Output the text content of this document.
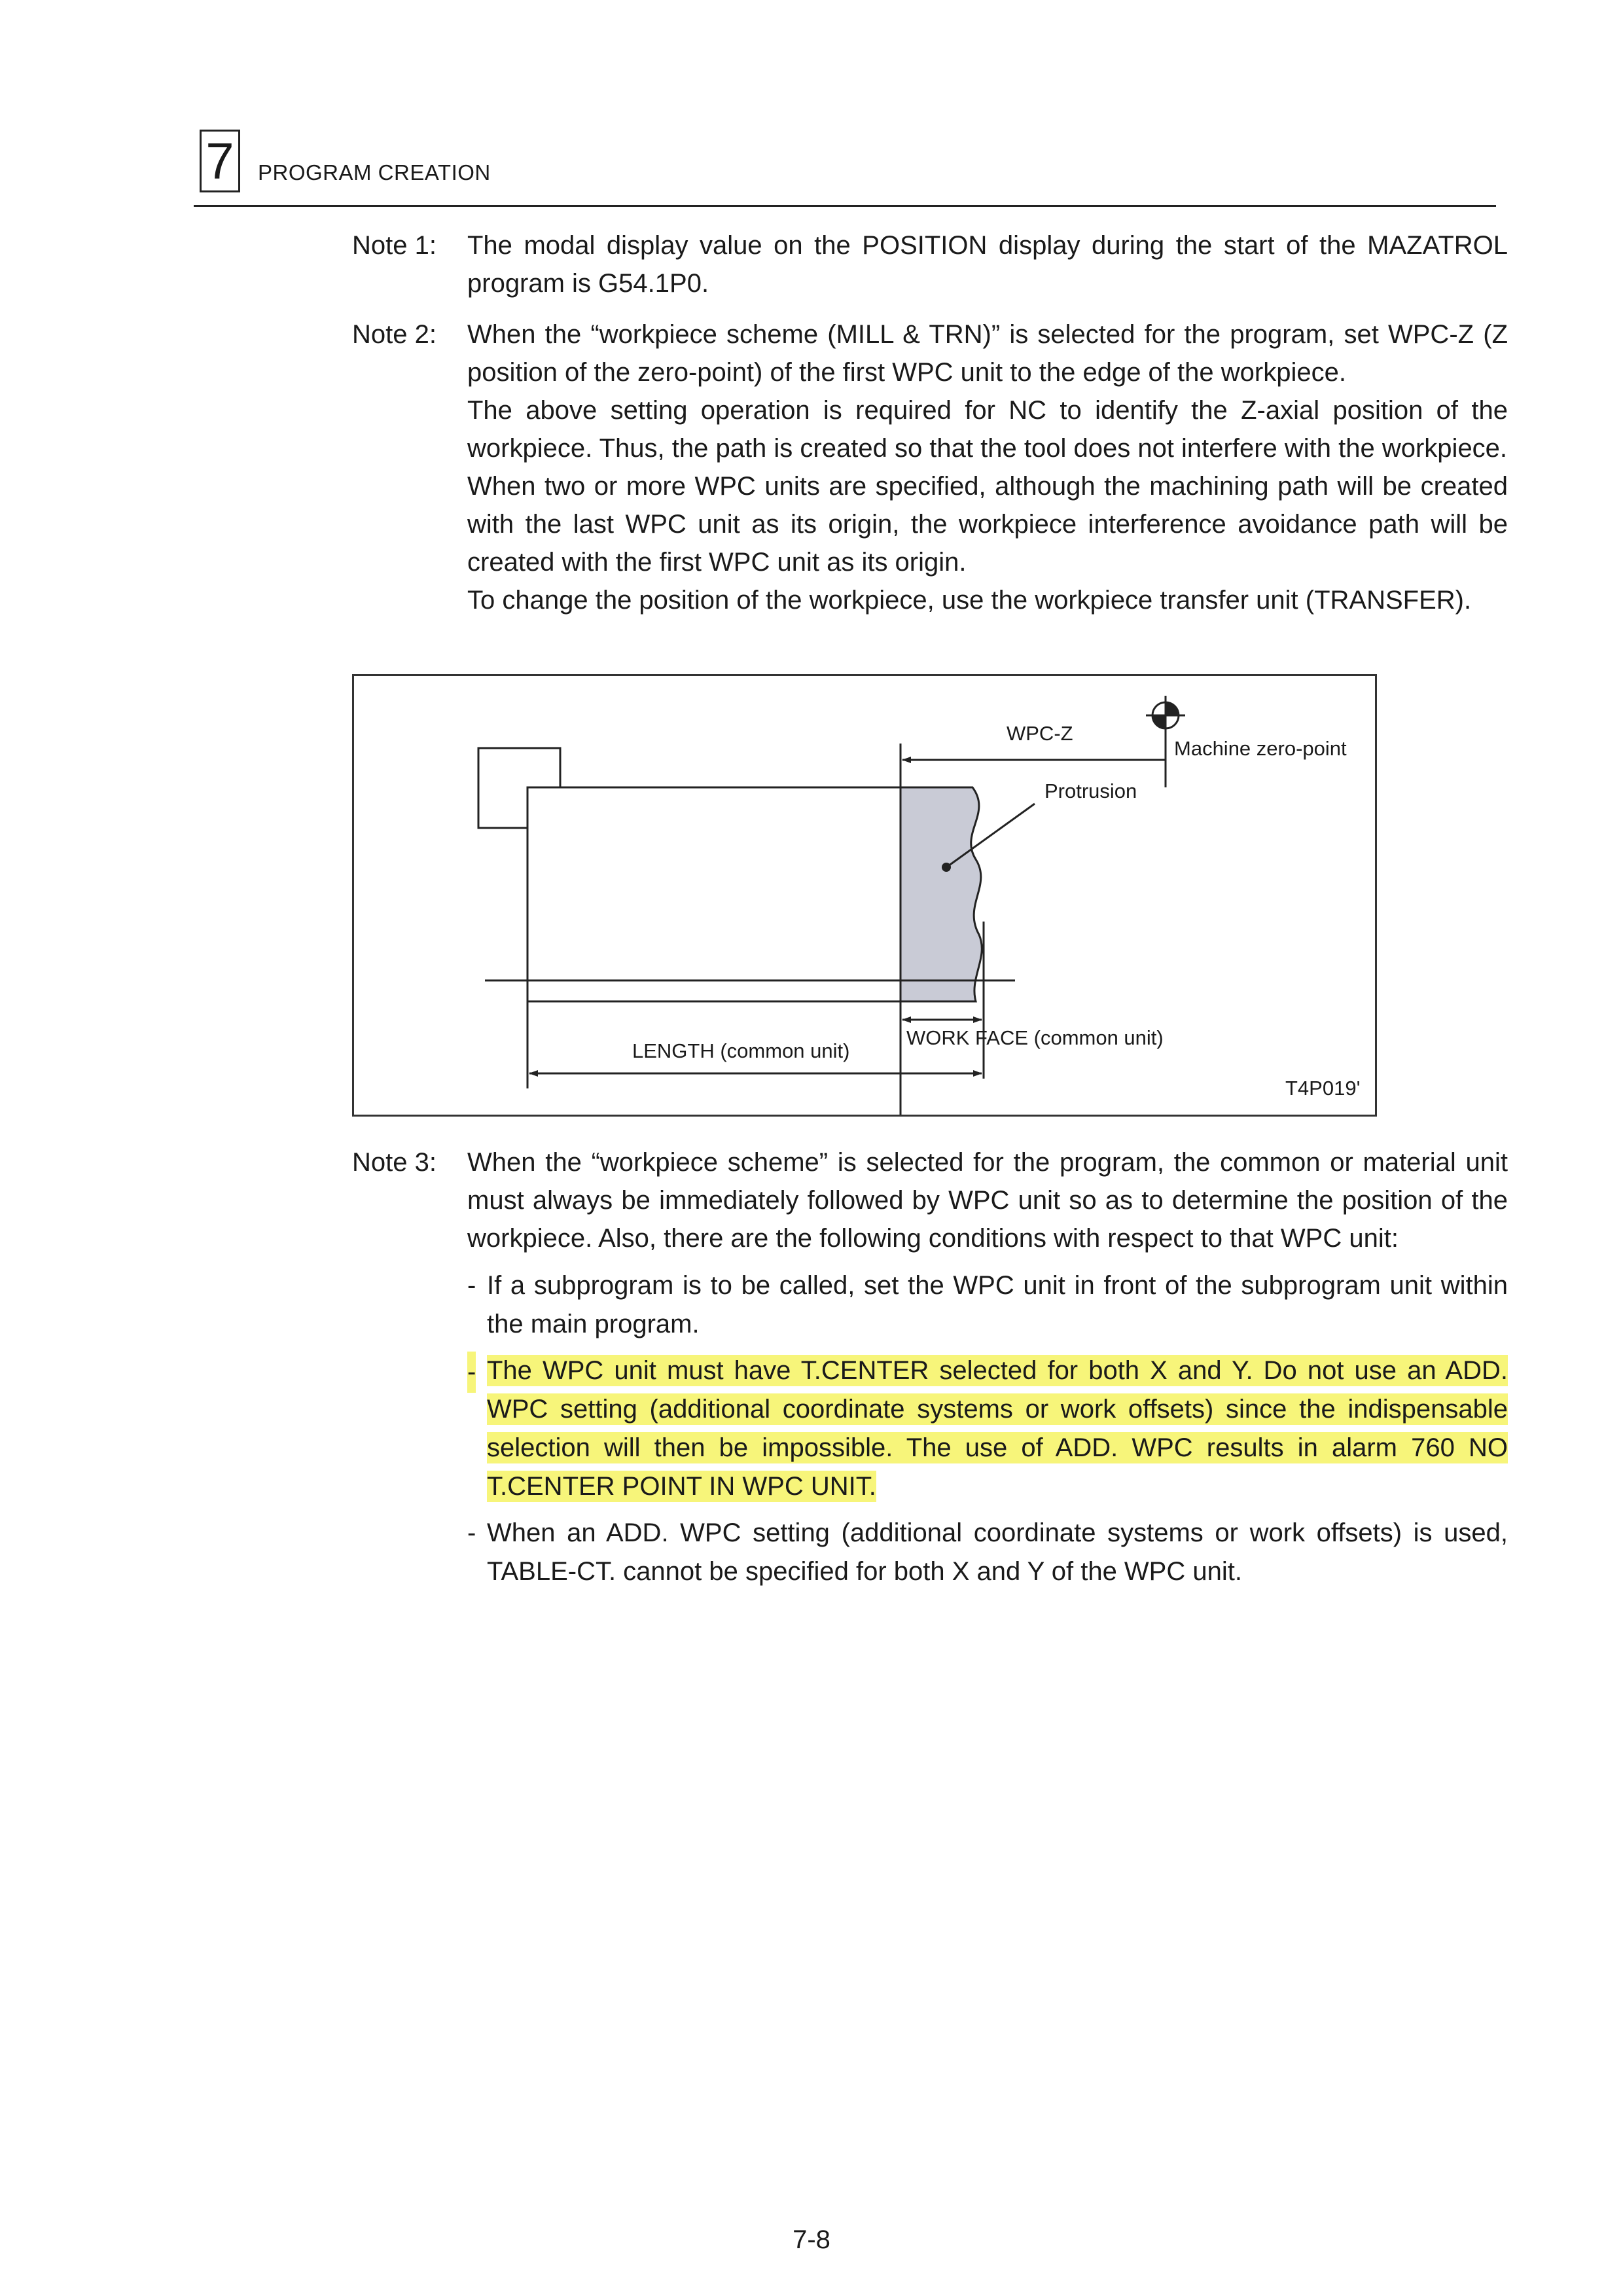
7 PROGRAM CREATION
Note 1: The modal display value on the POSITION display during the start of the MAZATROL program is G54.1P0.

Note 2: When the “workpiece scheme (MILL & TRN)” is selected for the program, set WPC-Z (Z position of the zero-point) of the first WPC unit to the edge of the workpiece.

The above setting operation is required for NC to identify the Z-axial position of the workpiece. Thus, the path is created so that the tool does not interfere with the workpiece.

When two or more WPC units are specified, although the machining path will be created with the last WPC unit as its origin, the workpiece interference avoidance path will be created with the first WPC unit as its origin.

To change the position of the workpiece, use the workpiece transfer unit (TRANSFER).

WPC-Z
Machine zero-point
Protrusion
LENGTH (common unit)
WORK FACE (common unit)
T4P019'
Note 3: When the “workpiece scheme” is selected for the program, the common or material unit must always be immediately followed by WPC unit so as to determine the position of the workpiece. Also, there are the following conditions with respect to that WPC unit:

- If a subprogram is to be called, set the WPC unit in front of the subprogram unit within the main program.
- The WPC unit must have T.CENTER selected for both X and Y. Do not use an ADD. WPC setting (additional coordinate systems or work offsets) since the indispensable selection will then be impossible. The use of ADD. WPC results in alarm 760 NO T.CENTER POINT IN WPC UNIT.
- When an ADD. WPC setting (additional coordinate systems or work offsets) is used, TABLE-CT. cannot be specified for both X and Y of the WPC unit.
7-8
